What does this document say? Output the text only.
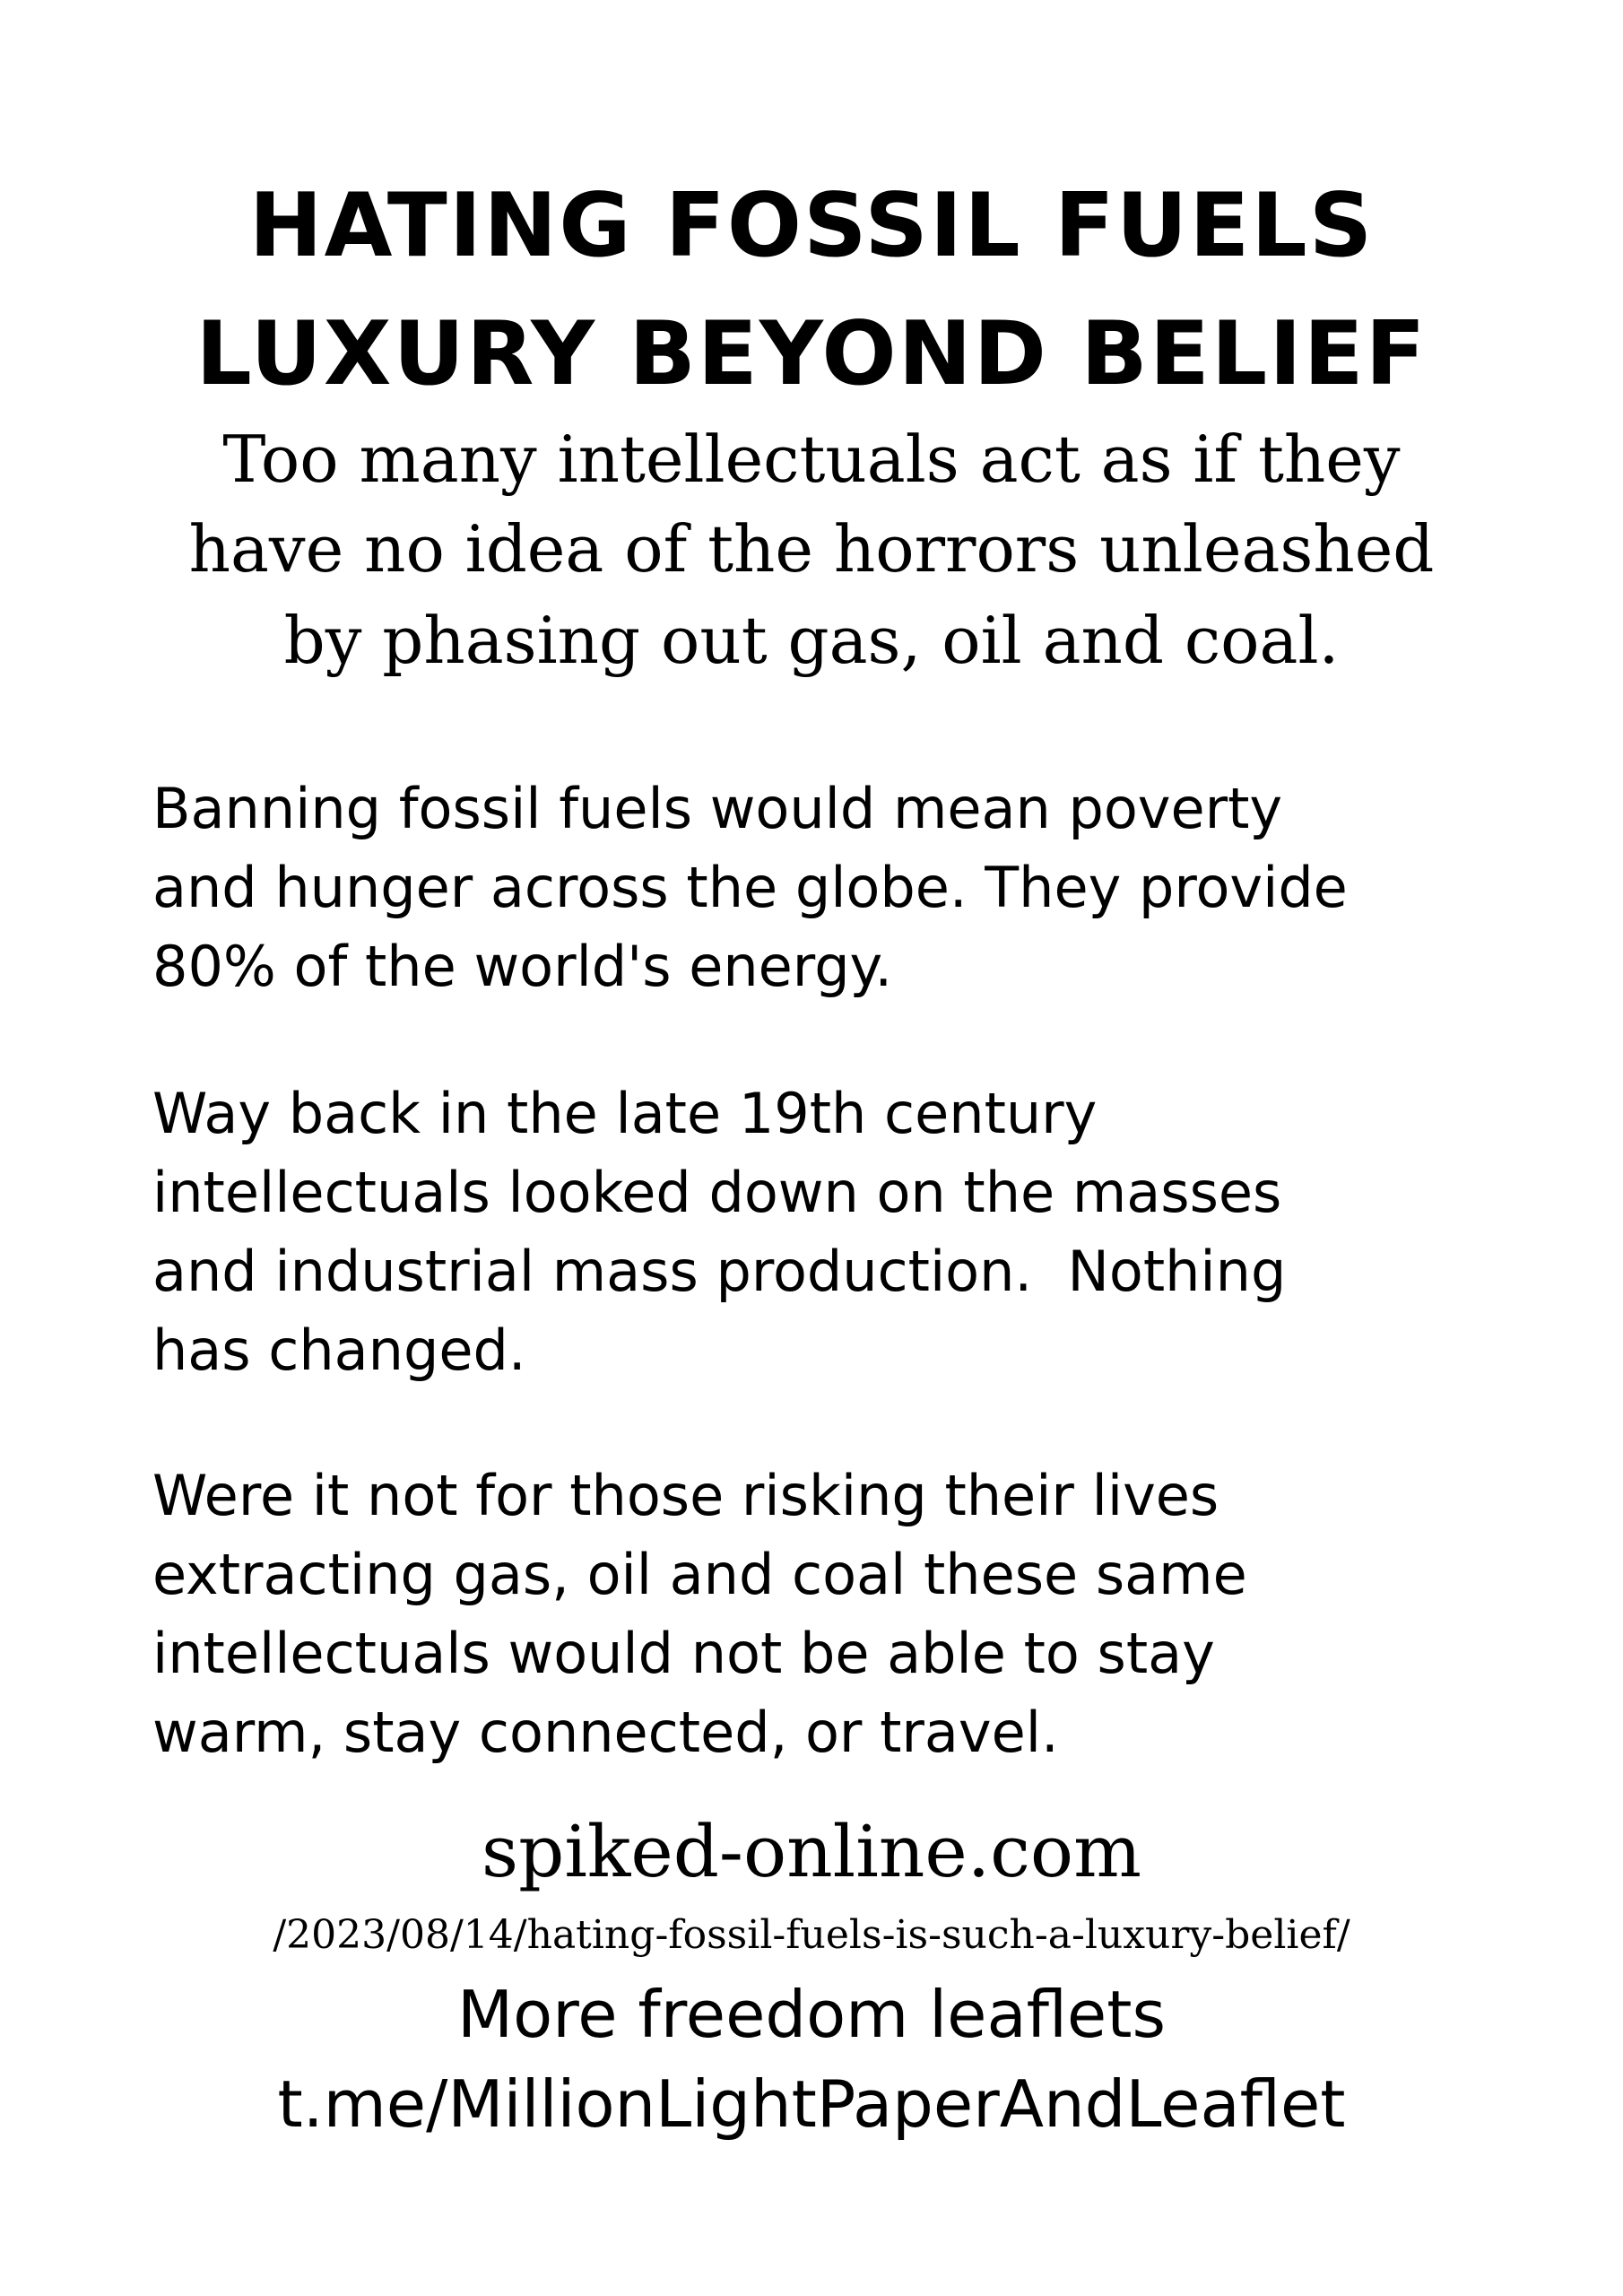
HATING FOSSIL FUELS
LUXURY BEYOND BELIEF
Too many intellectuals act as if they
have no idea of the horrors unleashed
by phasing out gas, oil and coal.
Banning fossil fuels would mean poverty
and hunger across the globe. They provide
80% of the world's energy.
Way back in the late 19th century
intellectuals looked down on the masses
and industrial mass production.  Nothing
has changed.
Were it not for those risking their lives
extracting gas, oil and coal these same
intellectuals would not be able to stay
warm, stay connected, or travel.
spiked-online.com
/2023/08/14/hating-fossil-fuels-is-such-a-luxury-belief/
More freedom leaflets
t.me/MillionLightPaperAndLeaflet
